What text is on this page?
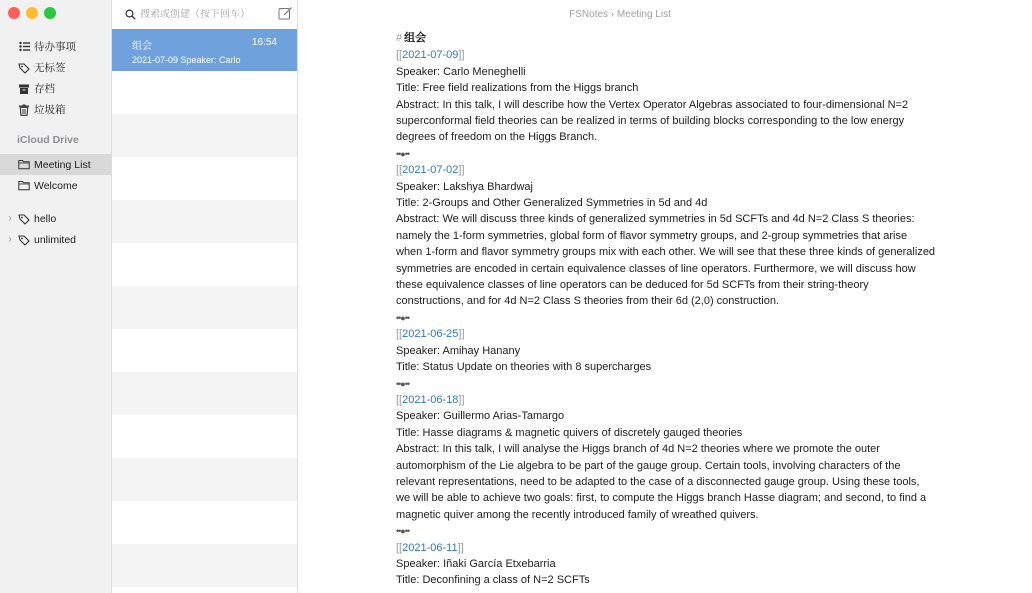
待办事项
无标签
存档
垃圾箱
iCloud Drive
Meeting List
Welcome
›	hello
›	unlimited
搜索或创建（按下回车）
组会	16:54
2021-07-09 Speaker: Carlo
FSNotes › Meeting List
# 组会
[[2021-07-09]]
Speaker: Carlo Meneghelli
Title: Free field realizations from the Higgs branch
Abstract: In this talk, I will describe how the Vertex Operator Algebras associated to four-dimensional N=2 superconformal field theories can be realized in terms of building blocks corresponding to the low energy degrees of freedom on the Higgs Branch.
••●••
[[2021-07-02]]
Speaker: Lakshya Bhardwaj
Title: 2-Groups and Other Generalized Symmetries in 5d and 4d
Abstract: We will discuss three kinds of generalized symmetries in 5d SCFTs and 4d N=2 Class S theories: namely the 1-form symmetries, global form of flavor symmetry groups, and 2-group symmetries that arise when 1-form and flavor symmetry groups mix with each other. We will see that these three kinds of generalized symmetries are encoded in certain equivalence classes of line operators. Furthermore, we will discuss how these equivalence classes of line operators can be deduced for 5d SCFTs from their string-theory constructions, and for 4d N=2 Class S theories from their 6d (2,0) construction.
••●••
[[2021-06-25]]
Speaker: Amihay Hanany
Title: Status Update on theories with 8 supercharges
••●••
[[2021-06-18]]
Speaker: Guillermo Arias-Tamargo
Title: Hasse diagrams & magnetic quivers of discretely gauged theories
Abstract: In this talk, I will analyse the Higgs branch of 4d N=2 theories where we promote the outer automorphism of the Lie algebra to be part of the gauge group. Certain tools, involving characters of the relevant representations, need to be adapted to the case of a disconnected gauge group. Using these tools, we will be able to achieve two goals: first, to compute the Higgs branch Hasse diagram; and second, to find a magnetic quiver among the recently introduced family of wreathed quivers.
••●••
[[2021-06-11]]
Speaker: Iñaki García Etxebarria
Title: Deconfining a class of N=2 SCFTs
